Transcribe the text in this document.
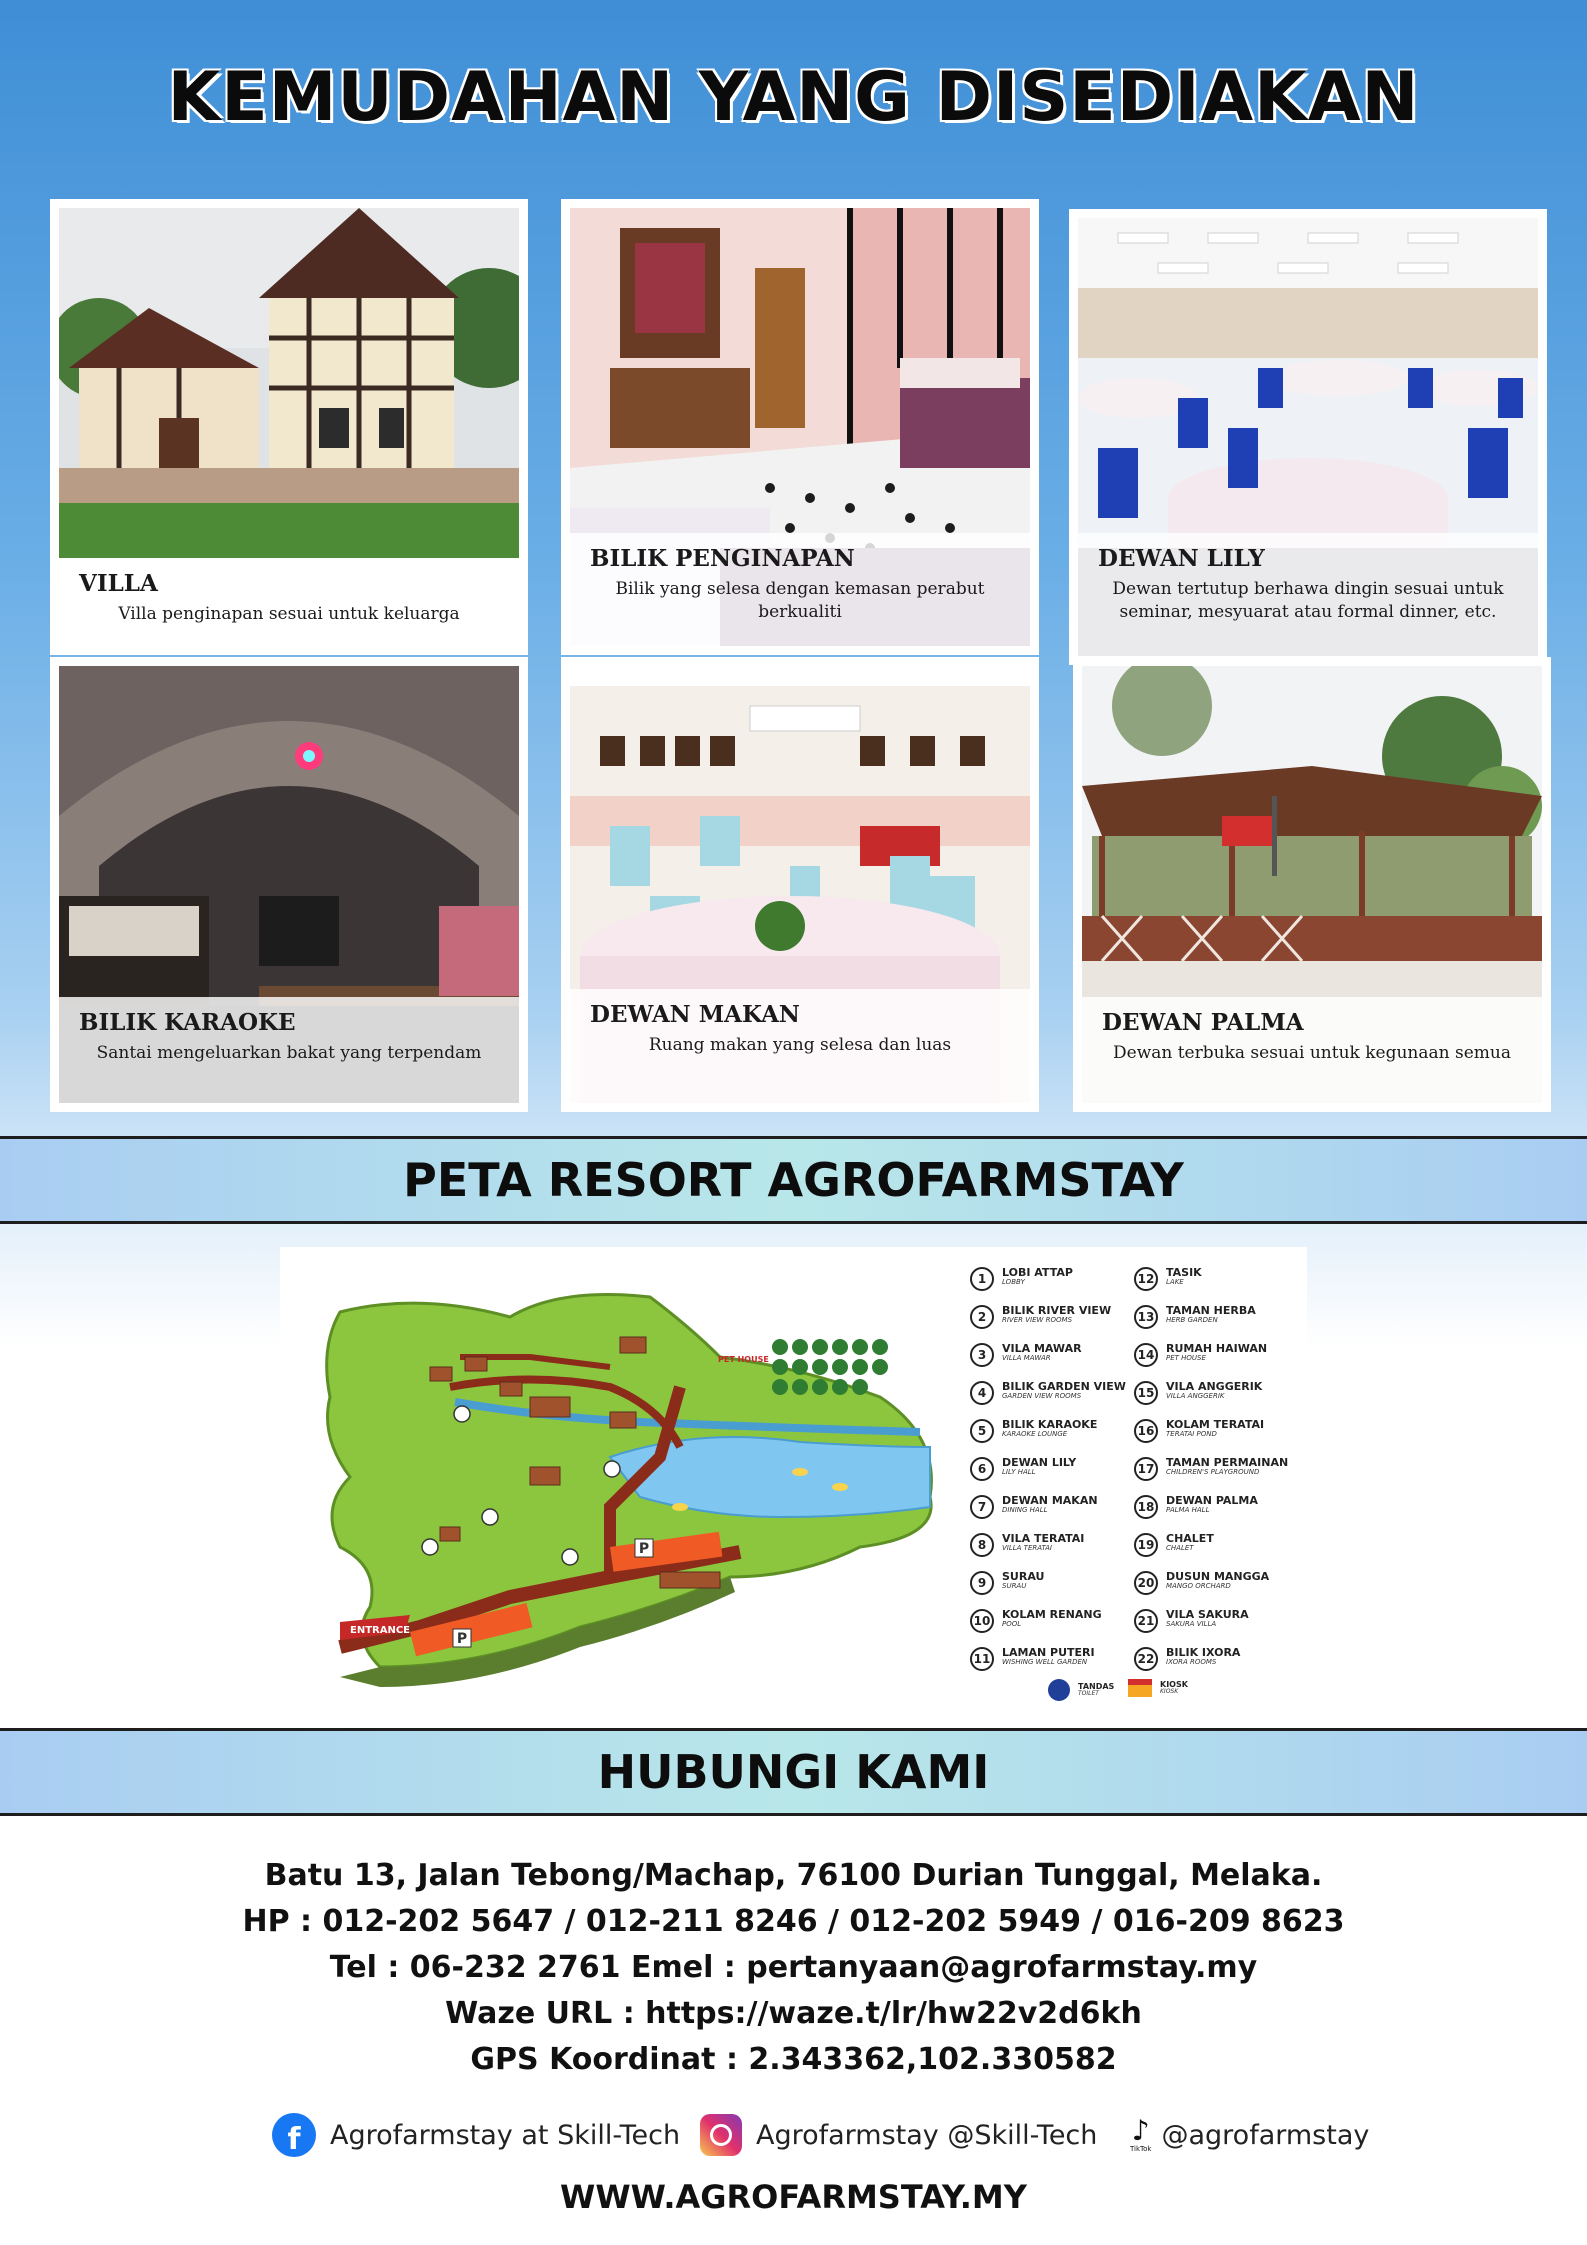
KEMUDAHAN YANG DISEDIAKAN
VILLA
Villa penginapan sesuai untuk keluarga
BILIK PENGINAPAN
Bilik yang selesa dengan kemasan perabut berkualiti
DEWAN LILY
Dewan tertutup berhawa dingin sesuai untuk seminar, mesyuarat atau formal dinner, etc.
BILIK KARAOKE
Santai mengeluarkan bakat yang terpendam
DEWAN MAKAN
Ruang makan yang selesa dan luas
DEWAN PALMA
Dewan terbuka sesuai untuk kegunaan semua
PETA RESORT AGROFARMSTAY
P
P
ENTRANCE
PET HOUSE
1	LOBI ATTAP
LOBBY
2	BILIK RIVER VIEW
RIVER VIEW ROOMS
3	VILA MAWAR
VILLA MAWAR
4	BILIK GARDEN VIEW
GARDEN VIEW ROOMS
5	BILIK KARAOKE
KARAOKE LOUNGE
6	DEWAN LILY
LILY HALL
7	DEWAN MAKAN
DINING HALL
8	VILA TERATAI
VILLA TERATAI
9	SURAU
SURAU
10	KOLAM RENANG
POOL
11	LAMAN PUTERI
WISHING WELL GARDEN
12	TASIK
LAKE
13	TAMAN HERBA
HERB GARDEN
14	RUMAH HAIWAN
PET HOUSE
15	VILA ANGGERIK
VILLA ANGGERIK
16	KOLAM TERATAI
TERATAI POND
17	TAMAN PERMAINAN
CHILDREN'S PLAYGROUND
18	DEWAN PALMA
PALMA HALL
19	CHALET
CHALET
20	DUSUN MANGGA
MANGO ORCHARD
21	VILA SAKURA
SAKURA VILLA
22	BILIK IXORA
IXORA ROOMS
TANDAS
TOILET
KIOSK
KIOSK
HUBUNGI KAMI
Batu 13, Jalan Tebong/Machap, 76100 Durian Tunggal, Melaka.
HP : 012-202 5647 / 012-211 8246 / 012-202 5949 / 016-209 8623
Tel : 06-232 2761 Emel : pertanyaan@agrofarmstay.my
Waze URL : https://waze.t/lr/hw22v2d6kh
GPS Koordinat : 2.343362,102.330582
f	Agrofarmstay at Skill-Tech	Agrofarmstay @Skill-Tech ♪
TikTok @agrofarmstay
WWW.AGROFARMSTAY.MY
